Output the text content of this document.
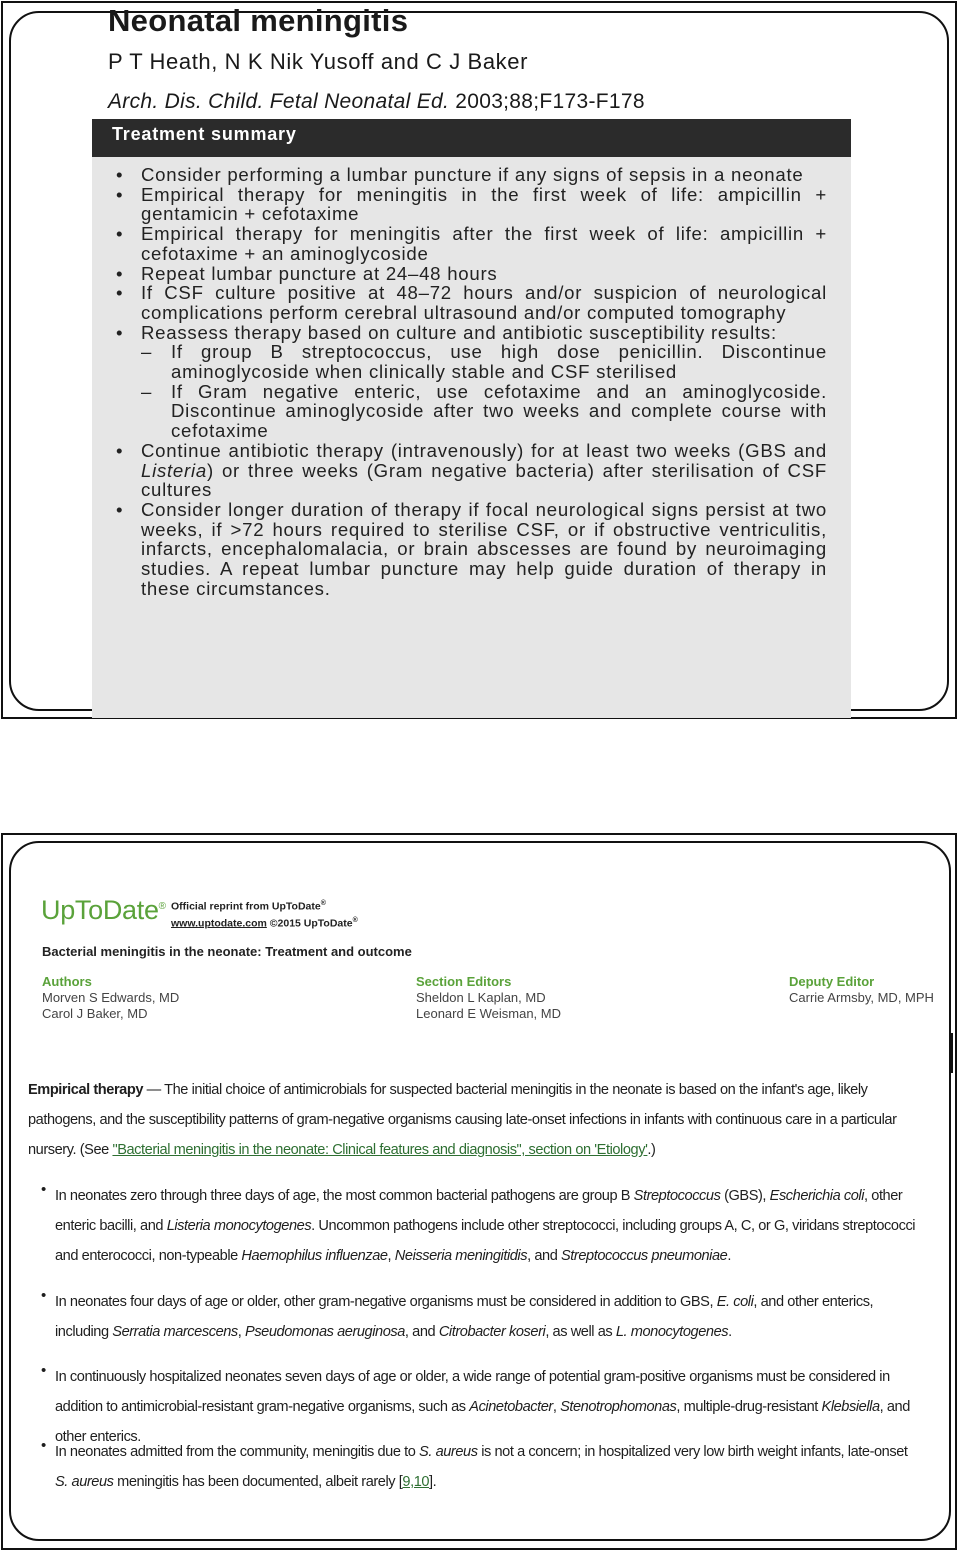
Neonatal meningitis

P T Heath, N K Nik Yusoff and C J Baker

Arch. Dis. Child. Fetal Neonatal Ed. 2003;88;F173-F178

Treatment summary
• Consider performing a lumbar puncture if any signs of sepsis in a neonate
• Empirical therapy for meningitis in the first week of life: ampicillin + gentamicin + cefotaxime
• Empirical therapy for meningitis after the first week of life: ampicillin + cefotaxime + an aminoglycoside
• Repeat lumbar puncture at 24–48 hours
• If CSF culture positive at 48–72 hours and/or suspicion of neurological complications perform cerebral ultrasound and/or computed tomography
• Reassess therapy based on culture and antibiotic susceptibility results:
– If group B streptococcus, use high dose penicillin. Discontinue aminoglycoside when clinically stable and CSF sterilised
– If Gram negative enteric, use cefotaxime and an aminoglycoside. Discontinue aminoglycoside after two weeks and complete course with cefotaxime
• Continue antibiotic therapy (intravenously) for at least two weeks (GBS and Listeria) or three weeks (Gram negative bacteria) after sterilisation of CSF cultures
• Consider longer duration of therapy if focal neurological signs persist at two weeks, if >72 hours required to sterilise CSF, or if obstructive ventriculitis, infarcts, encephalomalacia, or brain abscesses are found by neuroimaging studies. A repeat lumbar puncture may help guide duration of therapy in these circumstances.
UpToDate® Official reprint from UpToDate®
www.uptodate.com ©2015 UpToDate®
Bacterial meningitis in the neonate: Treatment and outcome
Authors
Morven S Edwards, MD
Carol J Baker, MD
Section Editors
Sheldon L Kaplan, MD
Leonard E Weisman, MD
Deputy Editor
Carrie Armsby, MD, MPH
Empirical therapy — The initial choice of antimicrobials for suspected bacterial meningitis in the neonate is based on the infant's age, likely pathogens, and the susceptibility patterns of gram-negative organisms causing late-onset infections in infants with continuous care in a particular nursery. (See "Bacterial meningitis in the neonate: Clinical features and diagnosis", section on 'Etiology'.)
•
•
•
•
In neonates zero through three days of age, the most common bacterial pathogens are group B Streptococcus (GBS), Escherichia coli, other enteric bacilli, and Listeria monocytogenes. Uncommon pathogens include other streptococci, including groups A, C, or G, viridans streptococci and enterococci, non-typeable Haemophilus influenzae, Neisseria meningitidis, and Streptococcus pneumoniae.
In neonates four days of age or older, other gram-negative organisms must be considered in addition to GBS, E. coli, and other enterics, including Serratia marcescens, Pseudomonas aeruginosa, and Citrobacter koseri, as well as L. monocytogenes.
In continuously hospitalized neonates seven days of age or older, a wide range of potential gram-positive organisms must be considered in addition to antimicrobial-resistant gram-negative organisms, such as Acinetobacter, Stenotrophomonas, multiple-drug-resistant Klebsiella, and other enterics.
In neonates admitted from the community, meningitis due to S. aureus is not a concern; in hospitalized very low birth weight infants, late-onset S. aureus meningitis has been documented, albeit rarely [9,10].
